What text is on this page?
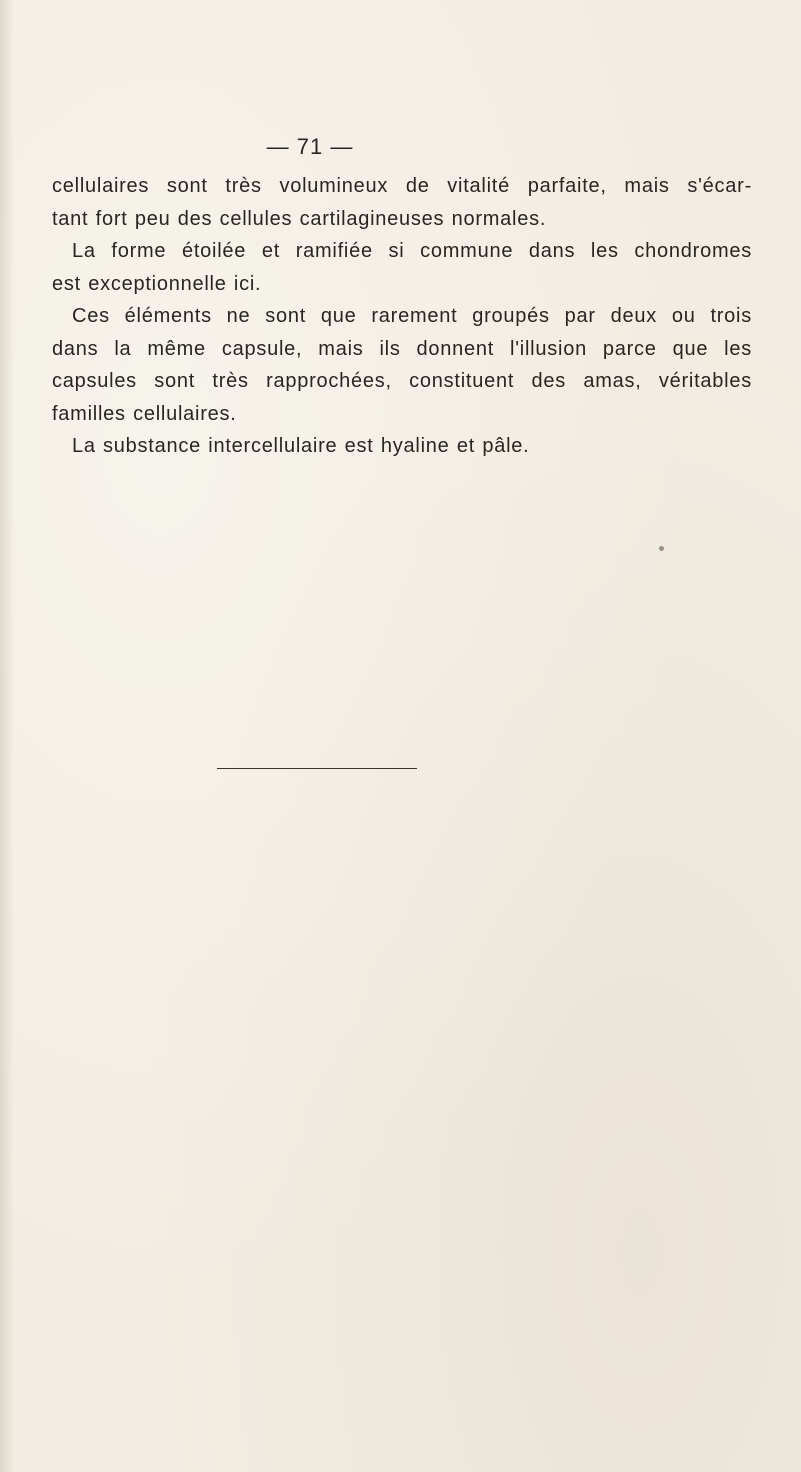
— 71 —

cellulaires sont très volumineux de vitalité parfaite, mais s'écar-
tant fort peu des cellules cartilagineuses normales.

La forme étoilée et ramifiée si commune dans les chondromes
est exceptionnelle ici.

Ces éléments ne sont que rarement groupés par deux ou trois
dans la même capsule, mais ils donnent l'illusion parce que les
capsules sont très rapprochées, constituent des amas, véritables
familles cellulaires.

La substance intercellulaire est hyaline et pâle.
